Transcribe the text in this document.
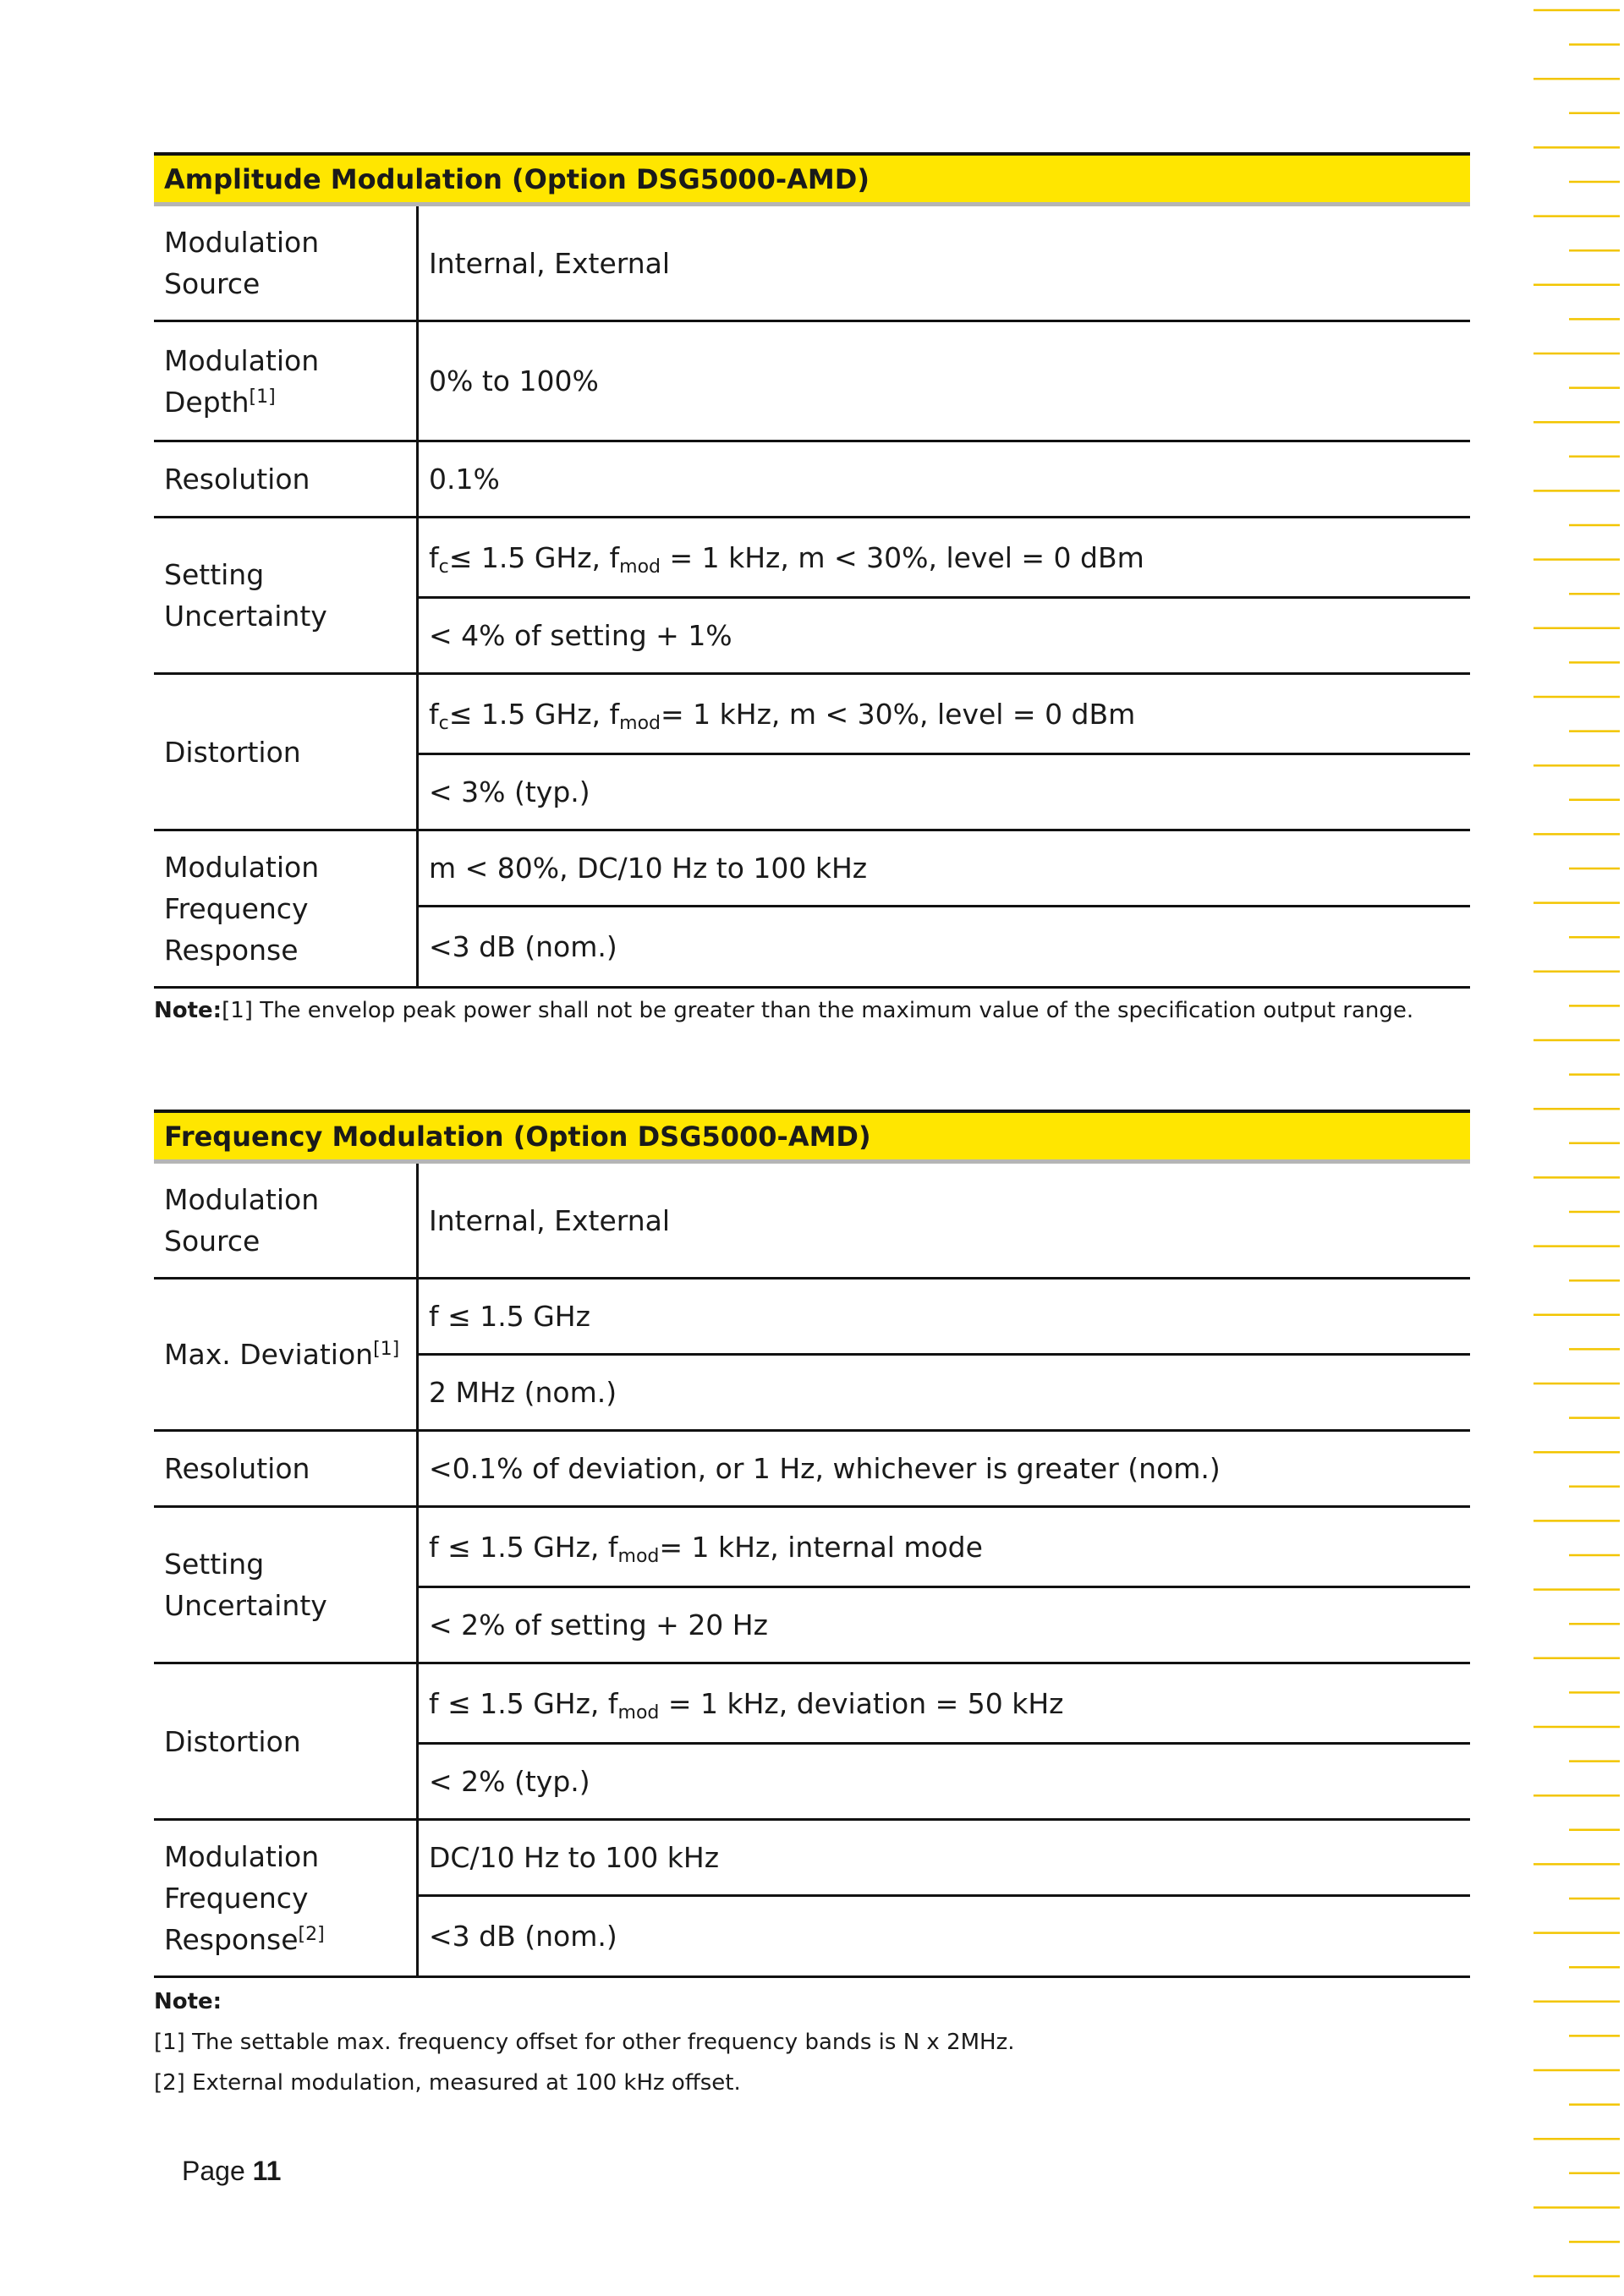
Amplitude Modulation (Option DSG5000-AMD)	
Modulation Source	Internal, External
Modulation Depth[1]	0% to 100%
Resolution	0.1%
Setting Uncertainty	$f_c\le 1.5$ GHz, $f_{mod} = 1$ kHz, m < 30%, level = 0 dBm
	< 4% of setting + 1%
Distortion	$f_c\le 1.5$ GHz, $f_{mod}= 1$ kHz, m < 30%, level = 0 dBm
	< 3% (typ.)
Modulation Frequency Response	m < 80%, DC/10 Hz to 100 kHz
	<3 dB (nom.)
Note:[1] The envelop peak power shall not be greater than the maximum value of the specification output range.
Frequency Modulation (Option DSG5000-AMD)	
Modulation Source	Internal, External
Max. Deviation[1]	f ≤ 1.5 GHz
	2 MHz (nom.)
Resolution	<0.1% of deviation, or 1 Hz, whichever is greater (nom.)
Setting Uncertainty	f ≤ 1.5 GHz, $f_{mod}= 1$ kHz, internal mode
	< 2% of setting + 20 Hz
Distortion	f ≤ 1.5 GHz, $f_{mod} = 1$ kHz, deviation = 50 kHz
	< 2% (typ.)
Modulation Frequency Response[2]	DC/10 Hz to 100 kHz
	<3 dB (nom.)
Note:
[1] The settable max. frequency offset for other frequency bands is N x 2MHz.
[2] External modulation, measured at 100 kHz offset.
Page 11
